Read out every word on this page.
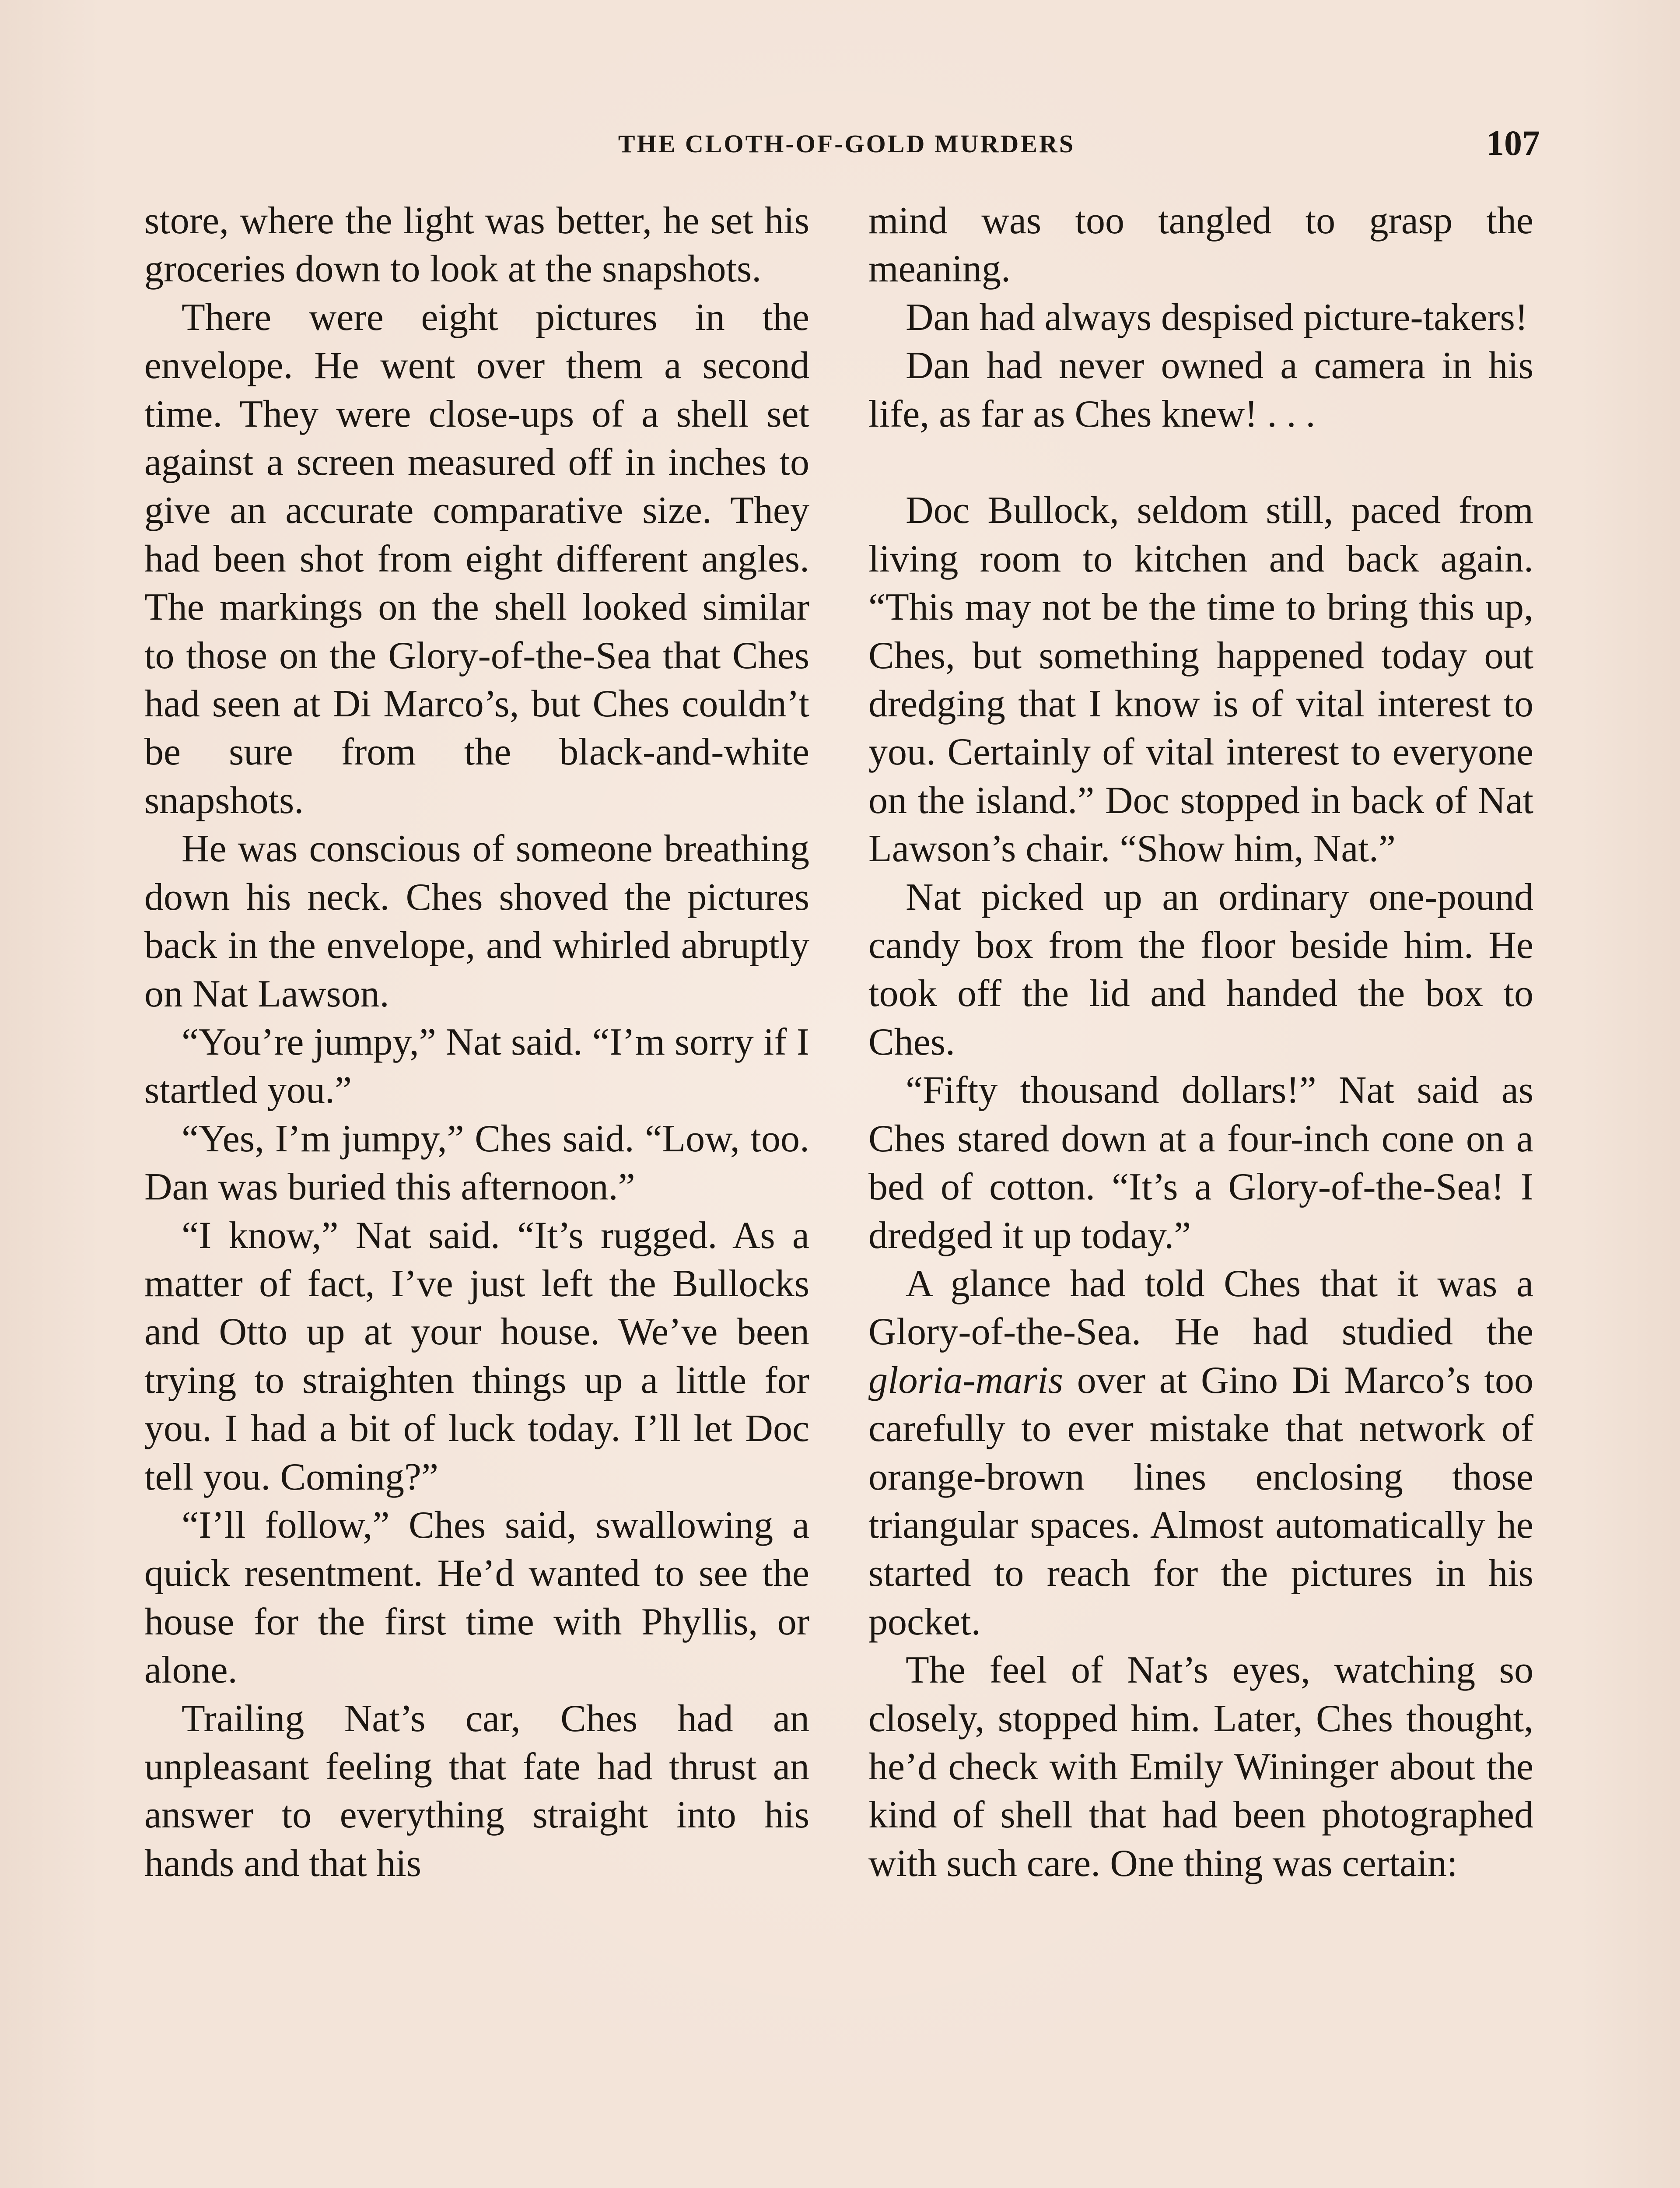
THE CLOTH-OF-GOLD MURDERS	107

store, where the light was better, he set his groceries down to look at the snapshots.

There were eight pictures in the envelope. He went over them a second time. They were close-ups of a shell set against a screen measured off in inches to give an accurate comparative size. They had been shot from eight different angles. The markings on the shell looked similar to those on the Glory-of-the-Sea that Ches had seen at Di Marco’s, but Ches couldn’t be sure from the black-and-white snapshots.

He was conscious of someone breathing down his neck. Ches shoved the pictures back in the envelope, and whirled abruptly on Nat Lawson.

“You’re jumpy,” Nat said. “I’m sorry if I startled you.”

“Yes, I’m jumpy,” Ches said. “Low, too. Dan was buried this afternoon.”

“I know,” Nat said. “It’s rugged. As a matter of fact, I’ve just left the Bullocks and Otto up at your house. We’ve been trying to straighten things up a little for you. I had a bit of luck today. I’ll let Doc tell you. Coming?”

“I’ll follow,” Ches said, swallowing a quick resentment. He’d wanted to see the house for the first time with Phyllis, or alone.

Trailing Nat’s car, Ches had an unpleasant feeling that fate had thrust an answer to everything straight into his hands and that his

mind was too tangled to grasp the meaning.

Dan had always despised picture-takers!

Dan had never owned a camera in his life, as far as Ches knew! . . .

Doc Bullock, seldom still, paced from living room to kitchen and back again. “This may not be the time to bring this up, Ches, but something happened today out dredging that I know is of vital interest to you. Certainly of vital interest to everyone on the island.” Doc stopped in back of Nat Lawson’s chair. “Show him, Nat.”

Nat picked up an ordinary one-pound candy box from the floor beside him. He took off the lid and handed the box to Ches.

“Fifty thousand dollars!” Nat said as Ches stared down at a four-inch cone on a bed of cotton. “It’s a Glory-of-the-Sea! I dredged it up today.”

A glance had told Ches that it was a Glory-of-the-Sea. He had studied the gloria-maris over at Gino Di Marco’s too carefully to ever mistake that network of orange-brown lines enclosing those triangular spaces. Almost automatically he started to reach for the pictures in his pocket.

The feel of Nat’s eyes, watching so closely, stopped him. Later, Ches thought, he’d check with Emily Wininger about the kind of shell that had been photographed with such care. One thing was certain:
